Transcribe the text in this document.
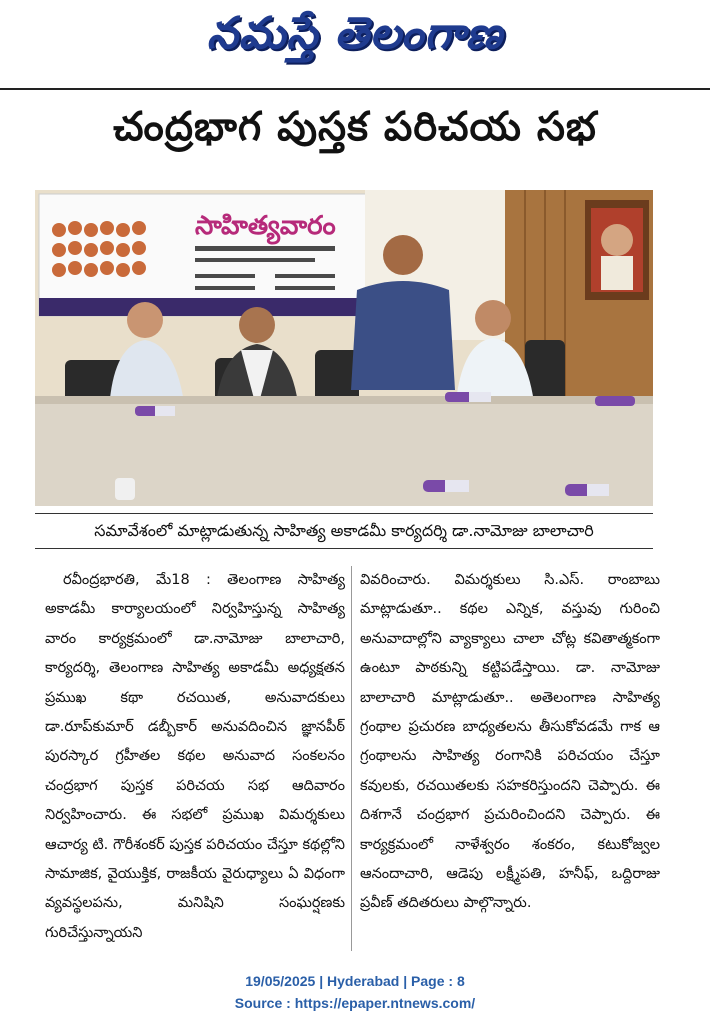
నమస్తే తెలంగాణ
చంద్రభాగ పుస్తక పరిచయ సభ
సాహిత్యవారం
సమావేశంలో మాట్లాడుతున్న సాహిత్య అకాడమీ కార్యదర్శి డా.నామోజు బాలాచారి

రవీంద్రభారతి, మే18 : తెలంగాణ సాహిత్య అకాడమీ కార్యాలయంలో నిర్వహిస్తున్న సాహిత్య వారం కార్యక్రమంలో డా.నామోజు బాలాచారి, కార్యదర్శి, తెలంగాణ సాహిత్య అకాడమీ అధ్యక్షతన ప్రముఖ కథా రచయిత, అనువాదకులు డా.రూప్‌కుమార్ డబ్బీకార్ అనువదించిన జ్ఞానపీఠ్ పురస్కార గ్రహీతల కథల అనువాద సంకలనం చంద్రభాగ పుస్తక పరిచయ సభ ఆదివారం నిర్వహించారు. ఈ సభలో ప్రముఖ విమర్శకులు ఆచార్య టి. గౌరీశంకర్ పుస్తక పరిచయం చేస్తూ కథల్లోని సామాజిక, వైయుక్తిక, రాజకీయ వైరుధ్యాలు ఏ విధంగా వ్యవస్థలపను, మనిషిని సంఘర్షణకు గురిచేస్తున్నాయని

వివరించారు. విమర్శకులు సి.ఎస్. రాంబాబు మాట్లాడుతూ.. కథల ఎన్నిక, వస్తువు గురించి అనువాదాల్లోని వ్యాక్యాలు చాలా చోట్ల కవితాత్మకంగా ఉంటూ పాఠకున్ని కట్టిపడేస్తాయి. డా. నామోజు బాలాచారి మాట్లాడుతూ.. అతెలంగాణ సాహిత్య గ్రంథాల ప్రచురణ బాధ్యతలను తీసుకోవడమే గాక ఆ గ్రంథాలను సాహిత్య రంగానికి పరిచయం చేస్తూ కవులకు, రచయితలకు సహకరిస్తుందని చెప్పారు. ఈ దిశగానే చంద్రభాగ ప్రచురించిందని చెప్పారు. ఈ కార్యక్రమంలో నాళేశ్వరం శంకరం, కటుకోజ్వల ఆనందాచారి, ఆడెపు లక్ష్మీపతి, హనీఫ్, ఒద్దిరాజు ప్రవీణ్ తదితరులు పాల్గొన్నారు.

19/05/2025 | Hyderabad | Page : 8
Source : https://epaper.ntnews.com/
